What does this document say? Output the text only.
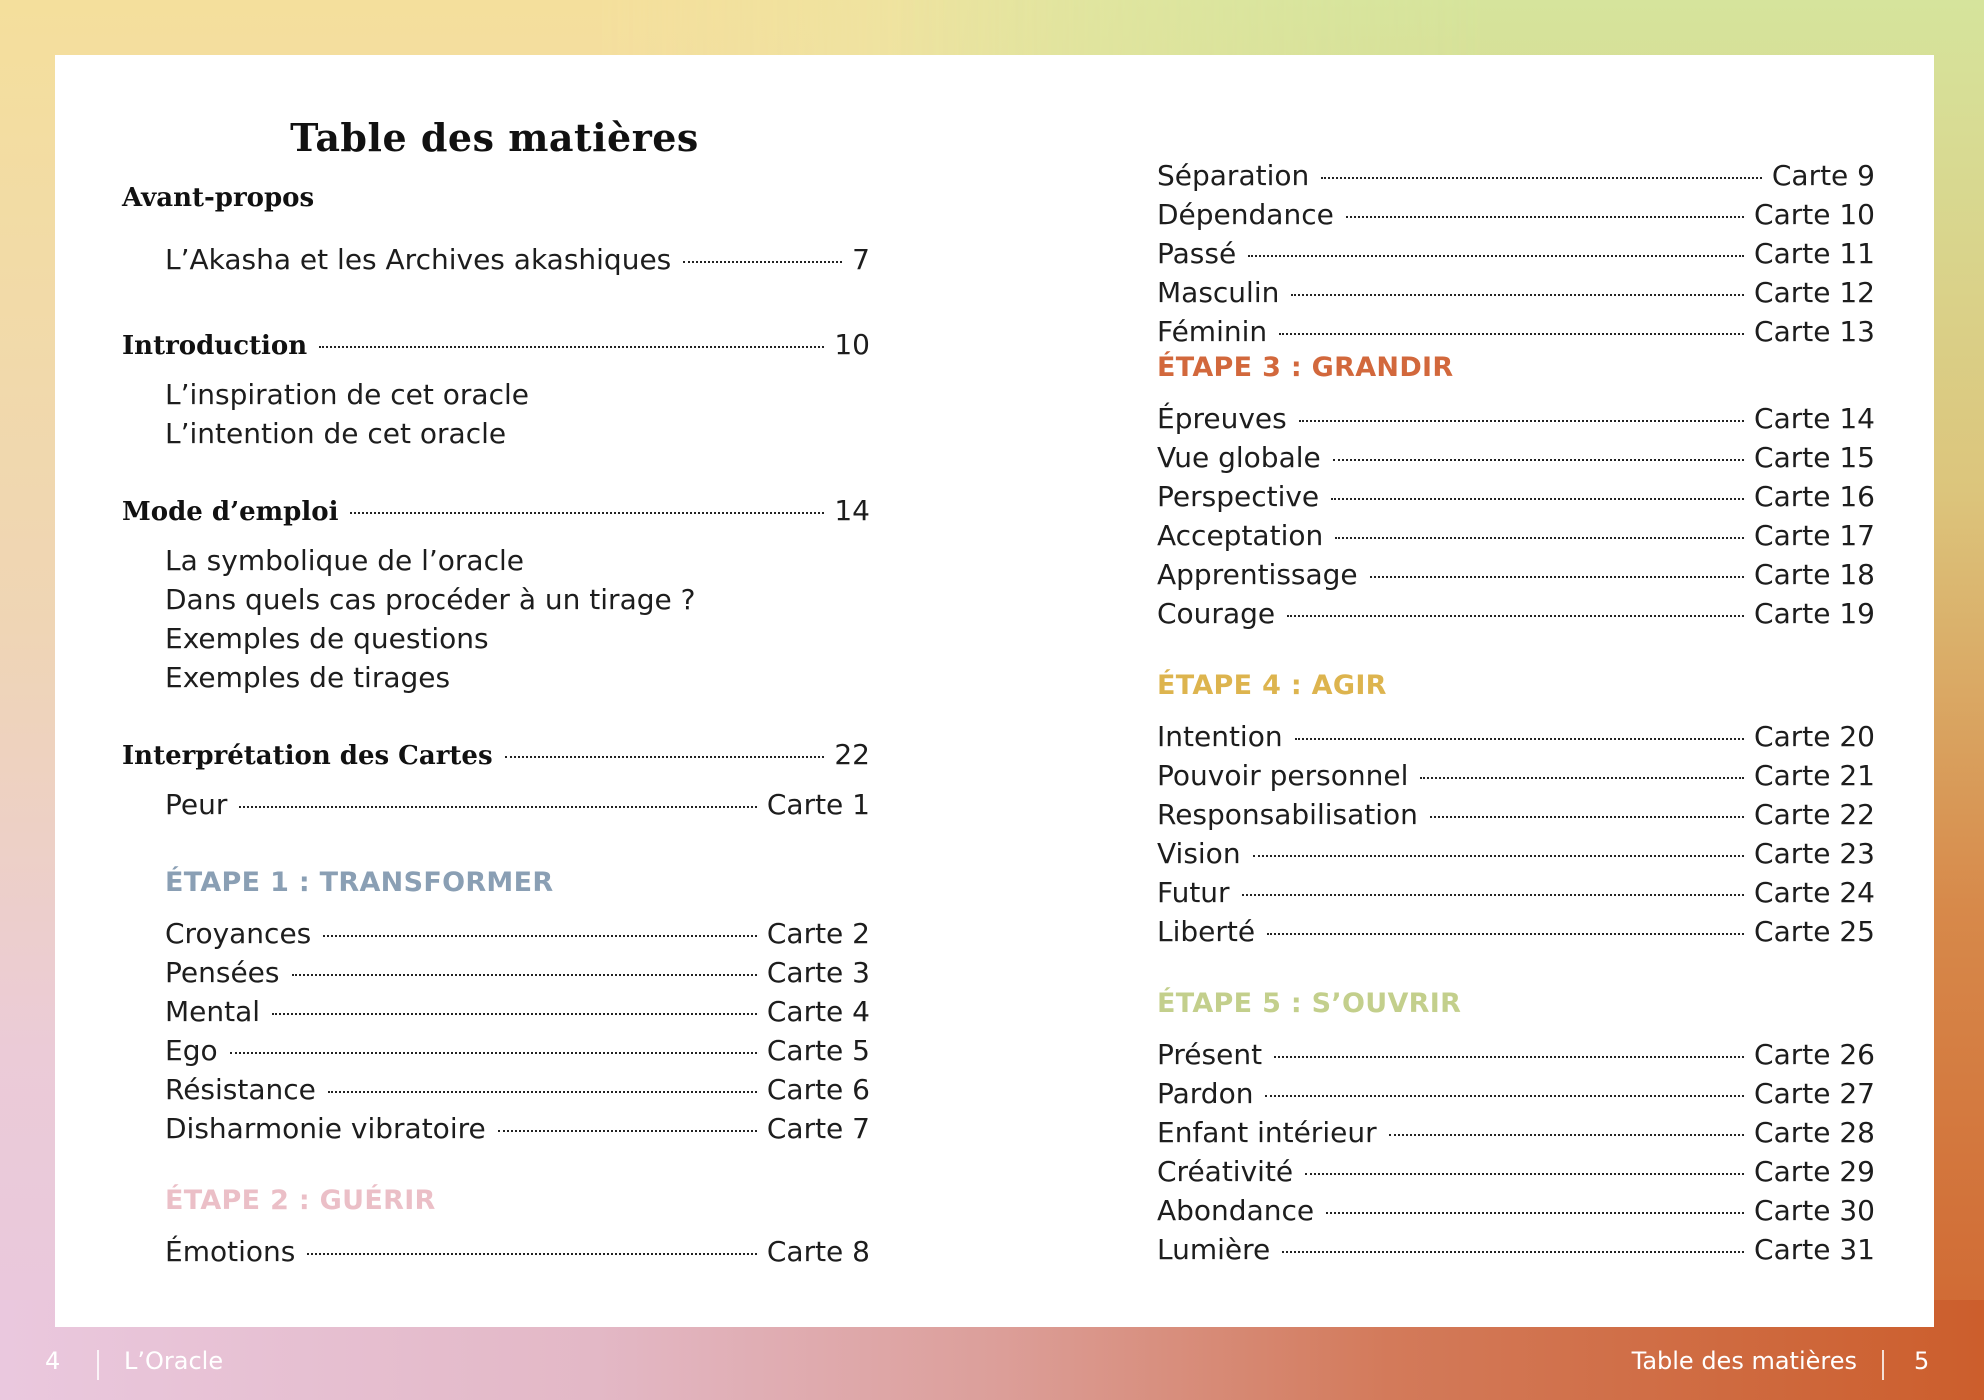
Table des matières
Avant-propos
L’Akasha et les Archives akashiques	7
Introduction	10
L’inspiration de cet oracle
L’intention de cet oracle
Mode d’emploi	14
La symbolique de l’oracle
Dans quels cas procéder à un tirage ?
Exemples de questions
Exemples de tirages
Interprétation des Cartes	22
Peur	Carte 1
ÉTAPE 1 : TRANSFORMER
Croyances	Carte 2
Pensées	Carte 3
Mental	Carte 4
Ego	Carte 5
Résistance	Carte 6
Disharmonie vibratoire	Carte 7
ÉTAPE 2 : GUÉRIR
Émotions	Carte 8
Séparation	Carte 9
Dépendance	Carte 10
Passé	Carte 11
Masculin	Carte 12
Féminin	Carte 13
ÉTAPE 3 : GRANDIR
Épreuves	Carte 14
Vue globale	Carte 15
Perspective	Carte 16
Acceptation	Carte 17
Apprentissage	Carte 18
Courage	Carte 19
ÉTAPE 4 : AGIR
Intention	Carte 20
Pouvoir personnel	Carte 21
Responsabilisation	Carte 22
Vision	Carte 23
Futur	Carte 24
Liberté	Carte 25
ÉTAPE 5 : S’OUVRIR
Présent	Carte 26
Pardon	Carte 27
Enfant intérieur	Carte 28
Créativité	Carte 29
Abondance	Carte 30
Lumière	Carte 31
4	L’Oracle	Table des matières 5
